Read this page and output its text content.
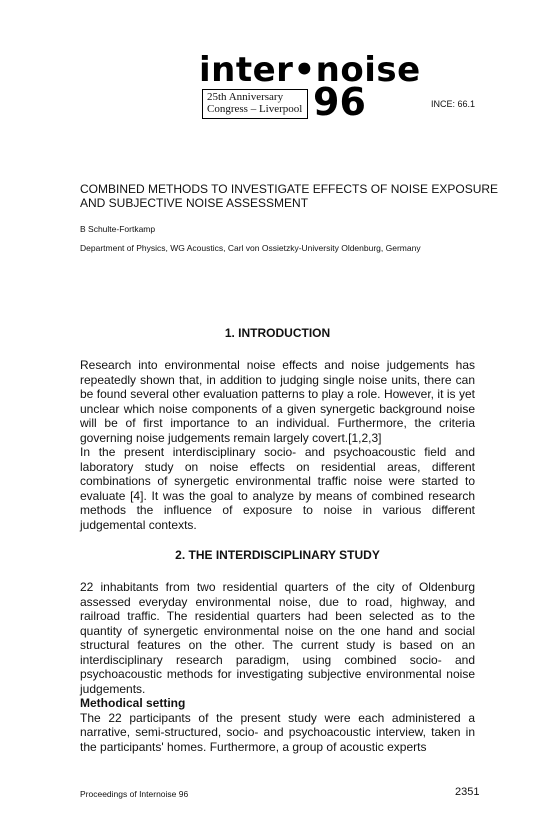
inter•noise
25th Anniversary
Congress – Liverpool 96	INCE: 66.1
COMBINED METHODS TO INVESTIGATE EFFECTS OF NOISE EXPOSURE AND SUBJECTIVE NOISE ASSESSMENT
B Schulte-Fortkamp
Department of Physics, WG Acoustics, Carl von Ossietzky-University Oldenburg, Germany
1. INTRODUCTION

Research into environmental noise effects and noise judgements has repeatedly shown that, in addition to judging single noise units, there can be found several other evaluation patterns to play a role. However, it is yet unclear which noise components of a given synergetic background noise will be of first importance to an individual. Furthermore, the criteria governing noise judgements remain largely covert.[1,2,3]

In the present interdisciplinary socio- and psychoacoustic field and laboratory study on noise effects on residential areas, different combinations of synergetic environmental traffic noise were started to evaluate [4]. It was the goal to analyze by means of combined research methods the influence of exposure to noise in various different judgemental contexts.

2. THE INTERDISCIPLINARY STUDY

22 inhabitants from two residential quarters of the city of Oldenburg assessed everyday environmental noise, due to road, highway, and railroad traffic. The residential quarters had been selected as to the quantity of synergetic environmental noise on the one hand and social structural features on the other. The current study is based on an interdisciplinary research paradigm, using combined socio- and psychoacoustic methods for investigating subjective environmental noise judgements.

Methodical setting

The 22 participants of the present study were each administered a narrative, semi-structured, socio- and psychoacoustic interview, taken in the participants' homes. Furthermore, a group of acoustic experts

Proceedings of Internoise 96	2351
